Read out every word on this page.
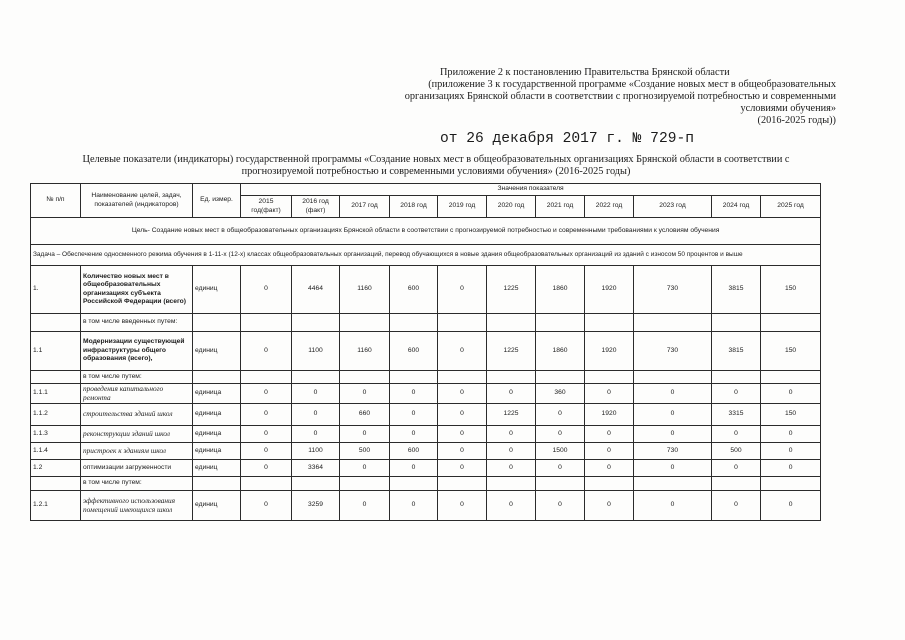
Приложение 2 к постановлению Правительства Брянской области
(приложение 3 к государственной программе «Создание новых мест в общеобразовательных
организациях Брянской области в соответствии с прогнозируемой потребностью и современными
условиями обучения»
(2016-2025 годы))
от 26 декабря 2017 г. № 729-п
Целевые показатели (индикаторы) государственной программы «Создание новых мест в общеобразовательных организациях Брянской области в соответствии с
прогнозируемой потребностью и современными условиями обучения» (2016-2025 годы)
№ п/п	Наименование целей, задач, показателей (индикаторов)	Ед. измер.	Значения показателя										
			2015 год(факт)	2016 год (факт)	2017 год	2018 год	2019 год	2020 год	2021 год	2022 год	2023 год	2024 год	2025 год
Цель- Создание новых мест в общеобразовательных организациях Брянской области в соответствии с прогнозируемой потребностью и современными требованиями к условиям обучения													
Задача – Обеспечение односменного режима обучения в 1-11-х (12-х) классах общеобразовательных организаций, перевод обучающихся в новые здания общеобразовательных организаций из зданий с износом 50 процентов и выше													
1.	Количество новых мест в общеобразовательных организациях субъекта Российской Федерации (всего)	единиц	0	4464	1160	600	0	1225	1860	1920	730	3815	150
	в том числе введенных путем:												
1.1	Модернизации существующей инфраструктуры общего образования (всего),	единиц	0	1100	1160	600	0	1225	1860	1920	730	3815	150
	в том числе путем:												
1.1.1	проведения капитального ремонта	единица	0	0	0	0	0	0	360	0	0	0	0
1.1.2	строительства зданий школ	единица	0	0	660	0	0	1225	0	1920	0	3315	150
1.1.3	реконструкции зданий школ	единица	0	0	0	0	0	0	0	0	0	0	0
1.1.4	пристроек к зданиям школ	единица	0	1100	500	600	0	0	1500	0	730	500	0
1.2	оптимизации загруженности	единиц	0	3364	0	0	0	0	0	0	0	0	0
	в том числе путем:												
1.2.1	эффективного использования помещений имеющихся школ	единиц	0	3259	0	0	0	0	0	0	0	0	0
